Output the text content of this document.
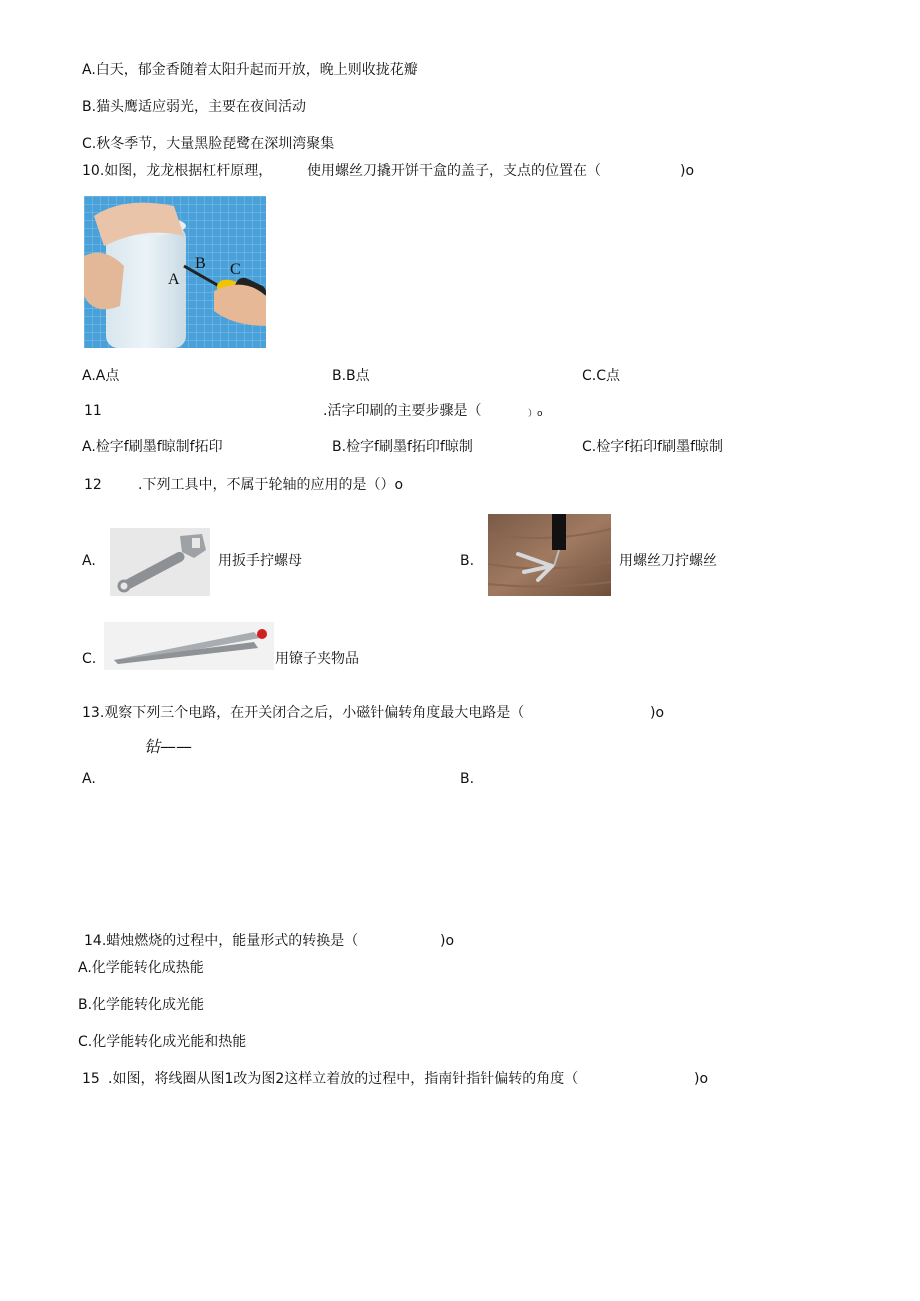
A.白天，郁金香随着太阳升起而开放，晚上则收拢花瓣
B.猫头鹰适应弱光，主要在夜间活动
C.秋冬季节，大量黑脸琵鹭在深圳湾聚集
10.如图，龙龙根据杠杆原理， 使用螺丝刀撬开饼干盒的盖子，支点的位置在（	)o
A
B C
A.A点	B.B点	C.C点
11	.活字印刷的主要步骤是（	）o
A.检字f刷墨f晾制f拓印	B.检字f刷墨f拓印f晾制	C.检字f拓印f刷墨f晾制
12	.下列工具中，不属于轮轴的应用的是（）o
A.	用扳手拧螺母	B.	用螺丝刀拧螺丝
C.	用镣子夹物品
13.观察下列三个电路，在开关闭合之后，小磁针偏转角度最大电路是（	)o
钻——
A.	B.
14.蜡烛燃烧的过程中，能量形式的转换是（	)o
A.化学能转化成热能
B.化学能转化成光能
C.化学能转化成光能和热能
15 .如图，将线圈从图1改为图2这样立着放的过程中，指南针指针偏转的角度（	)o
